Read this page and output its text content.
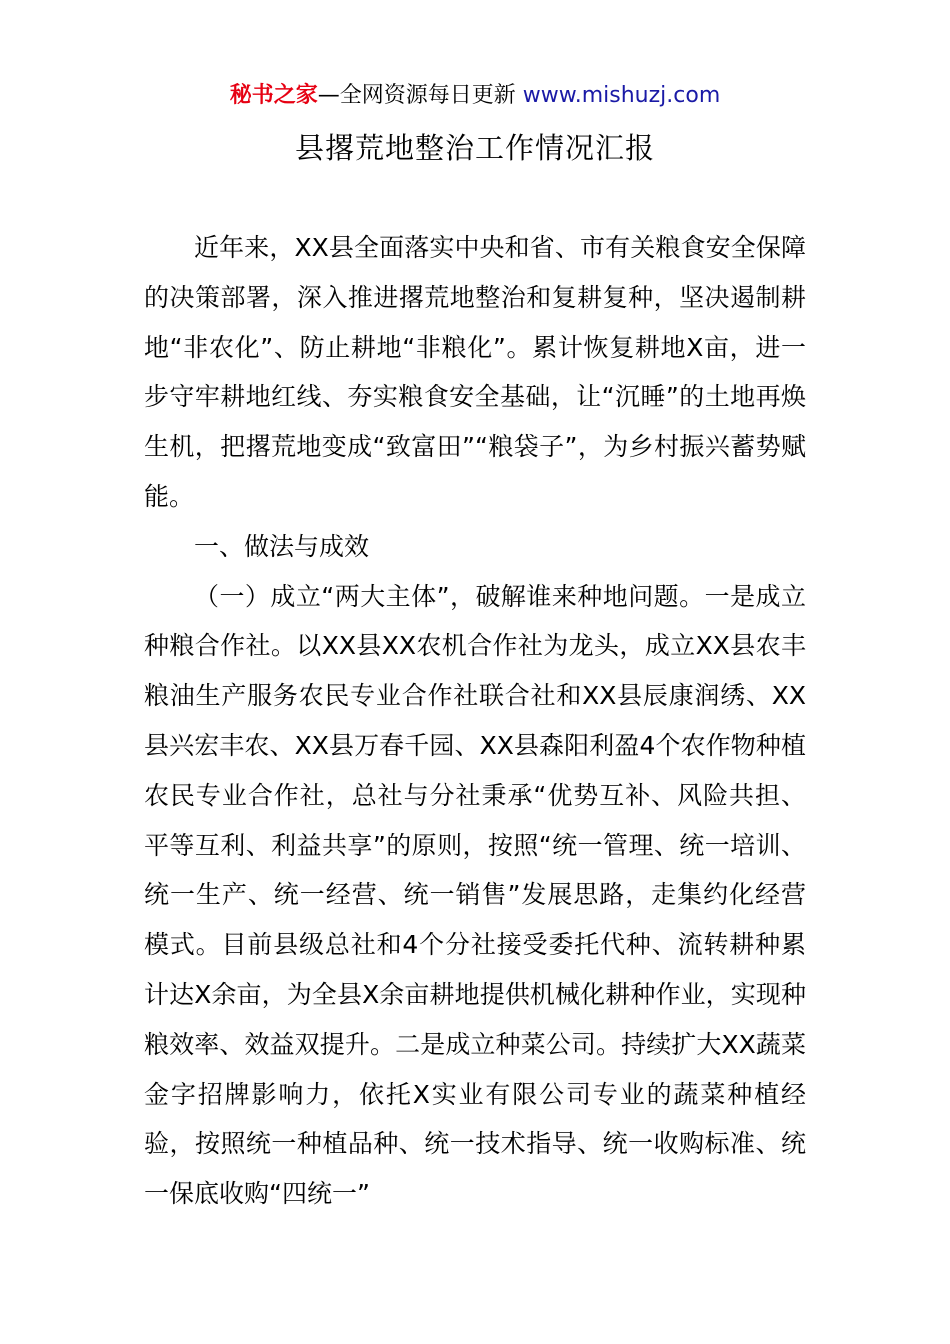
秘书之家—全网资源每日更新 www.mishuzj.com
县撂荒地整治工作情况汇报

近年来，XX县全面落实中央和省、市有关粮食安全保障的决策部署，深入推进撂荒地整治和复耕复种，坚决遏制耕地“非农化”、防止耕地“非粮化”。累计恢复耕地X亩，进一步守牢耕地红线、夯实粮食安全基础，让“沉睡”的土地再焕生机，把撂荒地变成“致富田”“粮袋子”，为乡村振兴蓄势赋能。

一、做法与成效

（一）成立“两大主体”，破解谁来种地问题。一是成立种粮合作社。以XX县XX农机合作社为龙头，成立XX县农丰粮油生产服务农民专业合作社联合社和XX县辰康润绣、XX县兴宏丰农、XX县万春千园、XX县森阳利盈4个农作物种植农民专业合作社，总社与分社秉承“优势互补、风险共担、平等互利、利益共享”的原则，按照“统一管理、统一培训、统一生产、统一经营、统一销售”发展思路，走集约化经营模式。目前县级总社和4个分社接受委托代种、流转耕种累计达X余亩，为全县X余亩耕地提供机械化耕种作业，实现种粮效率、效益双提升。二是成立种菜公司。持续扩大XX蔬菜金字招牌影响力，依托X实业有限公司专业的蔬菜种植经验，按照统一种植品种、统一技术指导、统一收购标准、统一保底收购“四统一”
